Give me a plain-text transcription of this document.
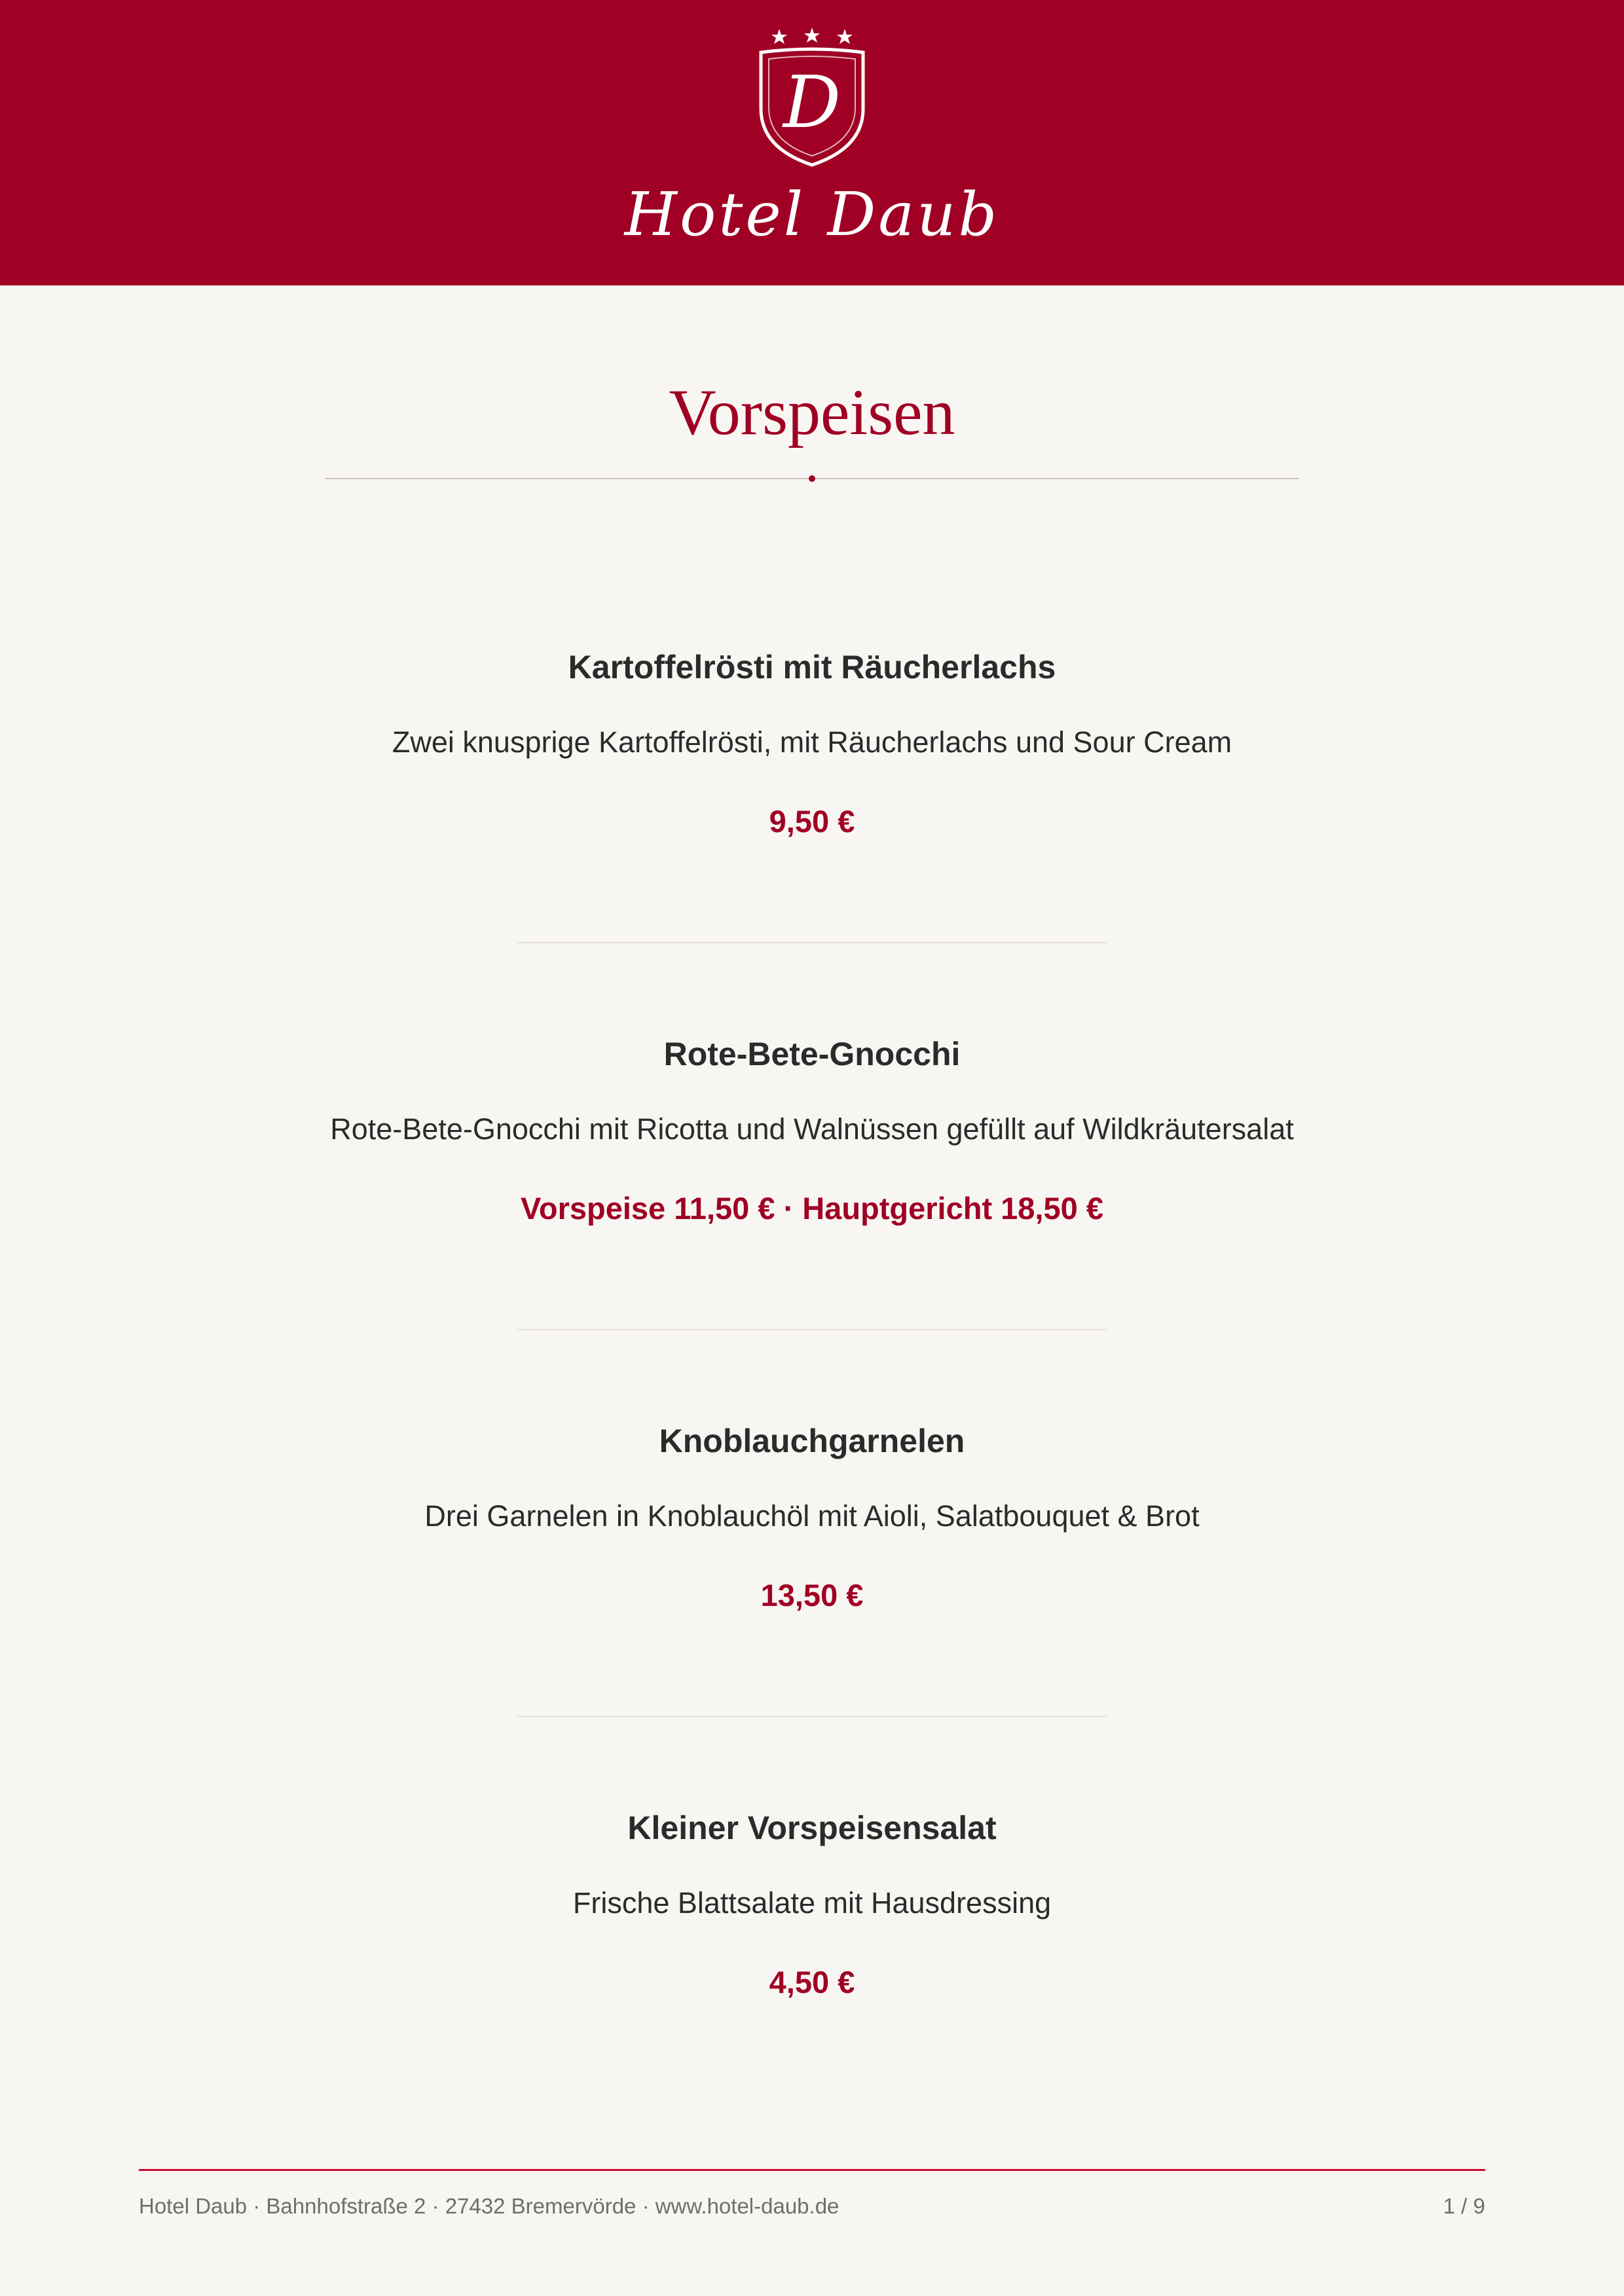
D
Hotel Daub
Vorspeisen
Kartoffelrösti mit Räucherlachs
Zwei knusprige Kartoffelrösti, mit Räucherlachs und Sour Cream
9,50 €
Rote-Bete-Gnocchi
Rote-Bete-Gnocchi mit Ricotta und Walnüssen gefüllt auf Wildkräutersalat
Vorspeise 11,50 € · Hauptgericht 18,50 €
Knoblauchgarnelen
Drei Garnelen in Knoblauchöl mit Aioli, Salatbouquet & Brot
13,50 €
Kleiner Vorspeisensalat
Frische Blattsalate mit Hausdressing
4,50 €
Hotel Daub · Bahnhofstraße 2 · 27432 Bremervörde · www.hotel-daub.de	1 / 9
